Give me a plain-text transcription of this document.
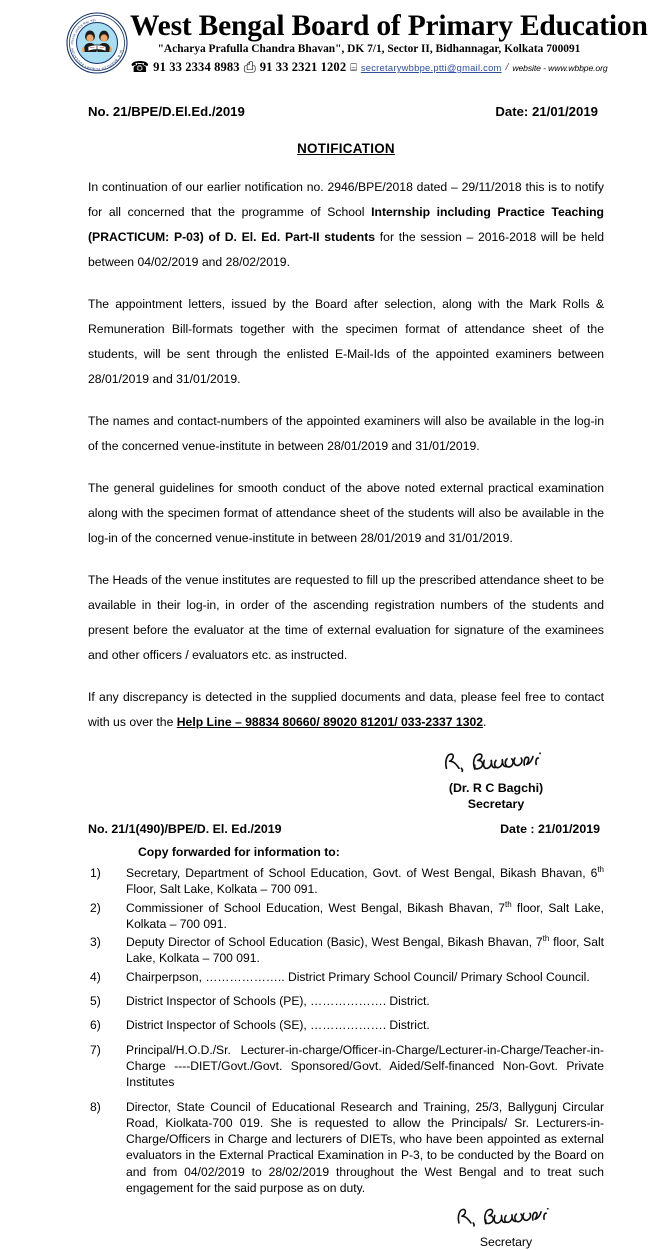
পশ্চিমবঙ্গ প্রাথমিক শিক্ষা পর্ষদ
W. B. BOARD OF PRIMARY EDUCATION
West Bengal Board of Primary Education
"Acharya Prafulla Chandra Bhavan", DK 7/1, Sector II, Bidhannagar, Kolkata 700091
☎ 91 33 2334 8983 ⎙ 91 33 2321 1202 ⌸ secretarywbbpe.ptti@gmail.com / website - www.wbbpe.org
No. 21/BPE/D.El.Ed./2019	Date: 21/01/2019
NOTIFICATION

In continuation of our earlier notification no. 2946/BPE/2018 dated – 29/11/2018 this is to notify for all concerned that the programme of School Internship including Practice Teaching (PRACTICUM: P-03) of D. El. Ed. Part-II students for the session – 2016-2018 will be held between 04/02/2019 and 28/02/2019.

The appointment letters, issued by the Board after selection, along with the Mark Rolls & Remuneration Bill-formats together with the specimen format of attendance sheet of the students, will be sent through the enlisted E-Mail-Ids of the appointed examiners between 28/01/2019 and 31/01/2019.

The names and contact-numbers of the appointed examiners will also be available in the log-in of the concerned venue-institute in between 28/01/2019 and 31/01/2019.

The general guidelines for smooth conduct of the above noted external practical examination along with the specimen format of attendance sheet of the students will also be available in the log-in of the concerned venue-institute in between 28/01/2019 and 31/01/2019.

The Heads of the venue institutes are requested to fill up the prescribed attendance sheet to be available in their log-in, in order of the ascending registration numbers of the students and present before the evaluator at the time of external evaluation for signature of the examinees and other officers / evaluators etc. as instructed.

If any discrepancy is detected in the supplied documents and data, please feel free to contact with us over the Help Line – 98834 80660/ 89020 81201/ 033-2337 1302.

(Dr. R C Bagchi)
Secretary
No. 21/1(490)/BPE/D. El. Ed./2019	Date : 21/01/2019
Copy forwarded for information to:
1)	Secretary, Department of School Education, Govt. of West Bengal, Bikash Bhavan, 6th Floor, Salt Lake, Kolkata – 700 091.
2)	Commissioner of School Education, West Bengal, Bikash Bhavan, 7th floor, Salt Lake, Kolkata – 700 091.
3)	Deputy Director of School Education (Basic), West Bengal, Bikash Bhavan, 7th floor, Salt Lake, Kolkata – 700 091.
4)	Chairperpson, ……………….. District Primary School Council/ Primary School Council.
5)	District Inspector of Schools (PE), ………………. District.
6)	District Inspector of Schools (SE), ………………. District.
7)	Principal/H.O.D./Sr. Lecturer-in-charge/Officer-in-Charge/Lecturer-in-Charge/Teacher-in-Charge ----DIET/Govt./Govt. Sponsored/Govt. Aided/Self-financed Non-Govt. Private Institutes
8)	Director, State Council of Educational Research and Training, 25/3, Ballygunj Circular Road, Kiolkata-700 019. She is requested to allow the Principals/ Sr. Lecturers-in-Charge/Officers in Charge and lecturers of DIETs, who have been appointed as external evaluators in the External Practical Examination in P-3, to be conducted by the Board on and from 04/02/2019 to 28/02/2019 throughout the West Bengal and to treat such engagement for the said purpose as on duty.
Secretary
